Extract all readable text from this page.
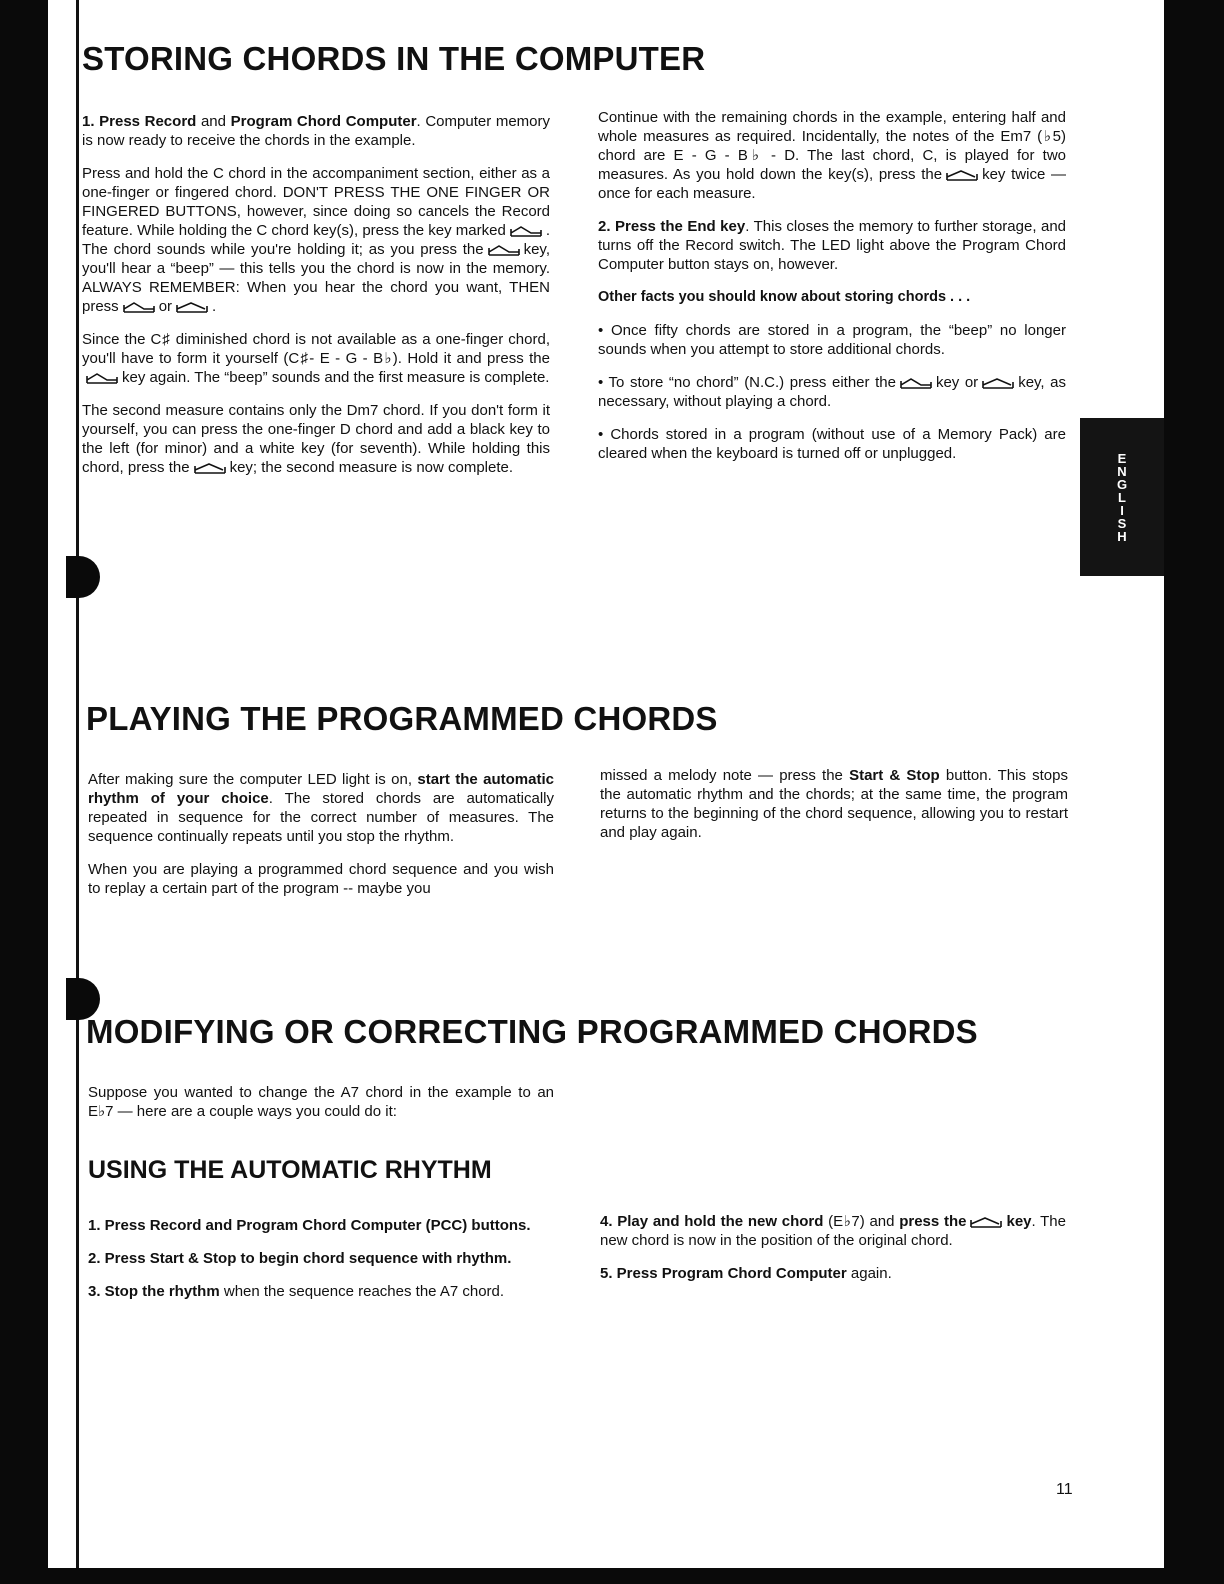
E
N
G
L
I
S
H
STORING CHORDS IN THE COMPUTER

1. Press Record and Program Chord Computer. Computer memory is now ready to receive the chords in the example.

Press and hold the C chord in the accompaniment section, either as a one-finger or fingered chord. DON'T PRESS THE ONE FINGER OR FINGERED BUTTONS, however, since doing so cancels the Record feature. While holding the C chord key(s), press the key marked	. The chord sounds while you're holding it; as you press the	key, you'll hear a “beep” — this tells you the chord is now in the memory. ALWAYS REMEMBER: When you hear the chord you want, THEN press	or	.

Since the C♯ diminished chord is not available as a one-finger chord, you'll have to form it yourself (C♯- E - G - B♭). Hold it and press the
key again. The “beep” sounds and the first measure is complete.

The second measure contains only the Dm7 chord. If you don't form it yourself, you can press the one-finger D chord and add a black key to the left (for minor) and a white key (for seventh). While holding this chord, press the	key; the second measure is now complete.

Continue with the remaining chords in the example, entering half and whole measures as required. Incidentally, the notes of the Em7 (♭5) chord are E - G - B♭ - D. The last chord, C, is played for two measures. As you hold down the key(s), press the	key twice — once for each measure.

2. Press the End key. This closes the memory to further storage, and turns off the Record switch. The LED light above the Program Chord Computer button stays on, however.

Other facts you should know about storing chords . . .

• Once fifty chords are stored in a program, the “beep” no longer sounds when you attempt to store additional chords.

• To store “no chord” (N.C.) press either the	key or	key, as necessary, without playing a chord.

• Chords stored in a program (without use of a Memory Pack) are cleared when the keyboard is turned off or unplugged.

PLAYING THE PROGRAMMED CHORDS

After making sure the computer LED light is on, start the automatic rhythm of your choice. The stored chords are automatically repeated in sequence for the correct number of measures. The sequence continually repeats until you stop the rhythm.

When you are playing a programmed chord sequence and you wish to replay a certain part of the program -- maybe you

missed a melody note — press the Start & Stop button. This stops the automatic rhythm and the chords; at the same time, the program returns to the beginning of the chord sequence, allowing you to restart and play again.

MODIFYING OR CORRECTING PROGRAMMED CHORDS

Suppose you wanted to change the A7 chord in the example to an E♭7 — here are a couple ways you could do it:

USING THE AUTOMATIC RHYTHM

1. Press Record and Program Chord Computer (PCC) buttons.

2. Press Start & Stop to begin chord sequence with rhythm.

3. Stop the rhythm when the sequence reaches the A7 chord.

4. Play and hold the new chord (E♭7) and press the	key. The new chord is now in the position of the original chord.

5. Press Program Chord Computer again.

11
